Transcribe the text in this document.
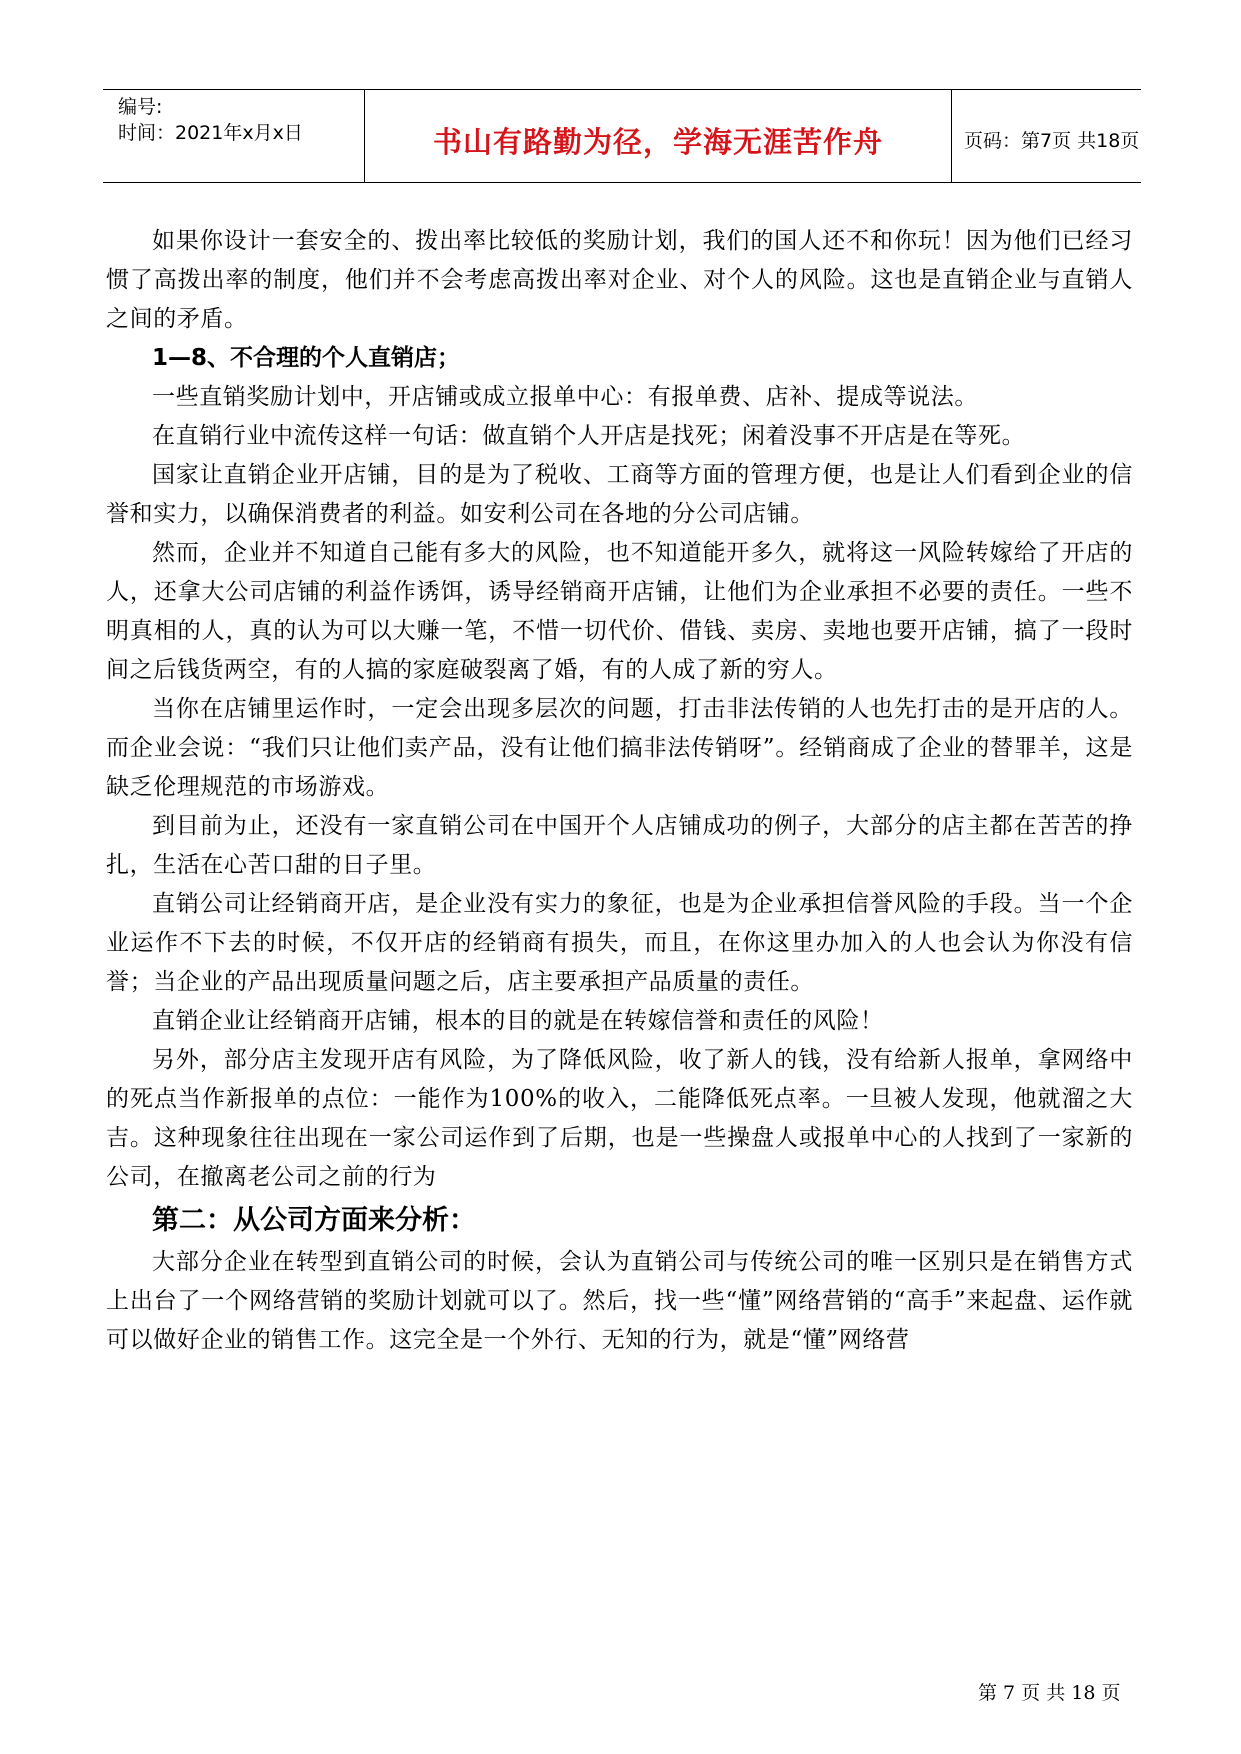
编号:
时间：2021年x月x日	书山有路勤为径，学海无涯苦作舟	页码：第7页 共18页

如果你设计一套安全的、拨出率比较低的奖励计划，我们的国人还不和你玩！因为他们已经习惯了高拨出率的制度，他们并不会考虑高拨出率对企业、对个人的风险。这也是直销企业与直销人之间的矛盾。

1—8、不合理的个人直销店；

一些直销奖励计划中，开店铺或成立报单中心：有报单费、店补、提成等说法。

在直销行业中流传这样一句话：做直销个人开店是找死；闲着没事不开店是在等死。

国家让直销企业开店铺，目的是为了税收、工商等方面的管理方便，也是让人们看到企业的信誉和实力，以确保消费者的利益。如安利公司在各地的分公司店铺。

然而，企业并不知道自己能有多大的风险，也不知道能开多久，就将这一风险转嫁给了开店的人，还拿大公司店铺的利益作诱饵，诱导经销商开店铺，让他们为企业承担不必要的责任。一些不明真相的人，真的认为可以大赚一笔，不惜一切代价、借钱、卖房、卖地也要开店铺，搞了一段时间之后钱货两空，有的人搞的家庭破裂离了婚，有的人成了新的穷人。

当你在店铺里运作时，一定会出现多层次的问题，打击非法传销的人也先打击的是开店的人。而企业会说：“我们只让他们卖产品，没有让他们搞非法传销呀”。经销商成了企业的替罪羊，这是缺乏伦理规范的市场游戏。

到目前为止，还没有一家直销公司在中国开个人店铺成功的例子，大部分的店主都在苦苦的挣扎，生活在心苦口甜的日子里。

直销公司让经销商开店，是企业没有实力的象征，也是为企业承担信誉风险的手段。当一个企业运作不下去的时候，不仅开店的经销商有损失，而且，在你这里办加入的人也会认为你没有信誉；当企业的产品出现质量问题之后，店主要承担产品质量的责任。

直销企业让经销商开店铺，根本的目的就是在转嫁信誉和责任的风险！

另外，部分店主发现开店有风险，为了降低风险，收了新人的钱，没有给新人报单，拿网络中的死点当作新报单的点位：一能作为100%的收入，二能降低死点率。一旦被人发现，他就溜之大吉。这种现象往往出现在一家公司运作到了后期，也是一些操盘人或报单中心的人找到了一家新的公司，在撤离老公司之前的行为

第二：从公司方面来分析：

大部分企业在转型到直销公司的时候，会认为直销公司与传统公司的唯一区别只是在销售方式上出台了一个网络营销的奖励计划就可以了。然后，找一些“懂”网络营销的“高手”来起盘、运作就可以做好企业的销售工作。这完全是一个外行、无知的行为，就是“懂”网络营

第 7 页 共 18 页
